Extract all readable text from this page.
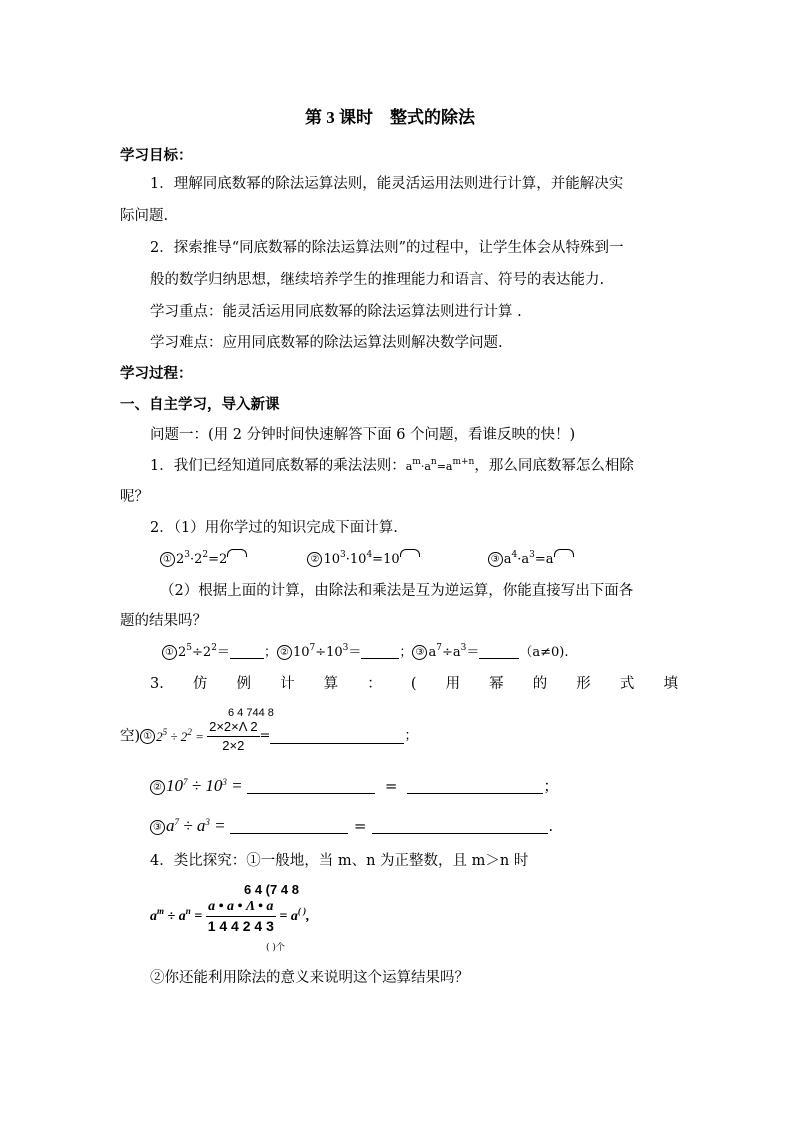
第 3 课时　整式的除法
学习目标：
1．理解同底数幂的除法运算法则，能灵活运用法则进行计算，并能解决实
际问题.
2．探索推导“同底数幂的除法运算法则”的过程中，让学生体会从特殊到一
般的数学归纳思想，继续培养学生的推理能力和语言、符号的表达能力.
学习重点：能灵活运用同底数幂的除法运算法则进行计算 .
学习难点：应用同底数幂的除法运算法则解决数学问题.
学习过程：
一、自主学习，导入新课
问题一：(用 2 分钟时间快速解答下面 6 个问题，看谁反映的快！)
1．我们已经知道同底数幂的乘法法则：$a^m\cdot a^n=a^{m+n}$，那么同底数幂怎么相除
呢？
2．（1）用你学过的知识完成下面计算.
① $2^3\cdot 2^2=2$	② $10^3\cdot 10^4=10$	③ $a^4\cdot a^3=a$
（2）根据上面的计算，由除法和乘法是互为逆运算，你能直接写出下面各
题的结果吗？
① $2^5\div 2^2=$	； ② $10^7\div 10^3=$	； ③ $a^7\div a^3=$	（a≠0).
3. 仿 例 计 算 ： ( 用 幂 的 形 式 填
6 4 744 8
空) ① $2^5 \div 2^2 = \frac{2\times 2\times\Lambda 2}{2\times 2}$ =	；
② $10^7 \div 10^3$ =	=	；
③ $a^7 \div a^3$ =	=	.
4．类比探究：①一般地，当 m、n 为正整数，且 m＞n 时
6 4 (7 4 8
$a^m \div a^n = \frac{a • a • \Lambda • a}{1 4 4 2 4 3} = a^{( )}$,
( )个
②你还能利用除法的意义来说明这个运算结果吗？
